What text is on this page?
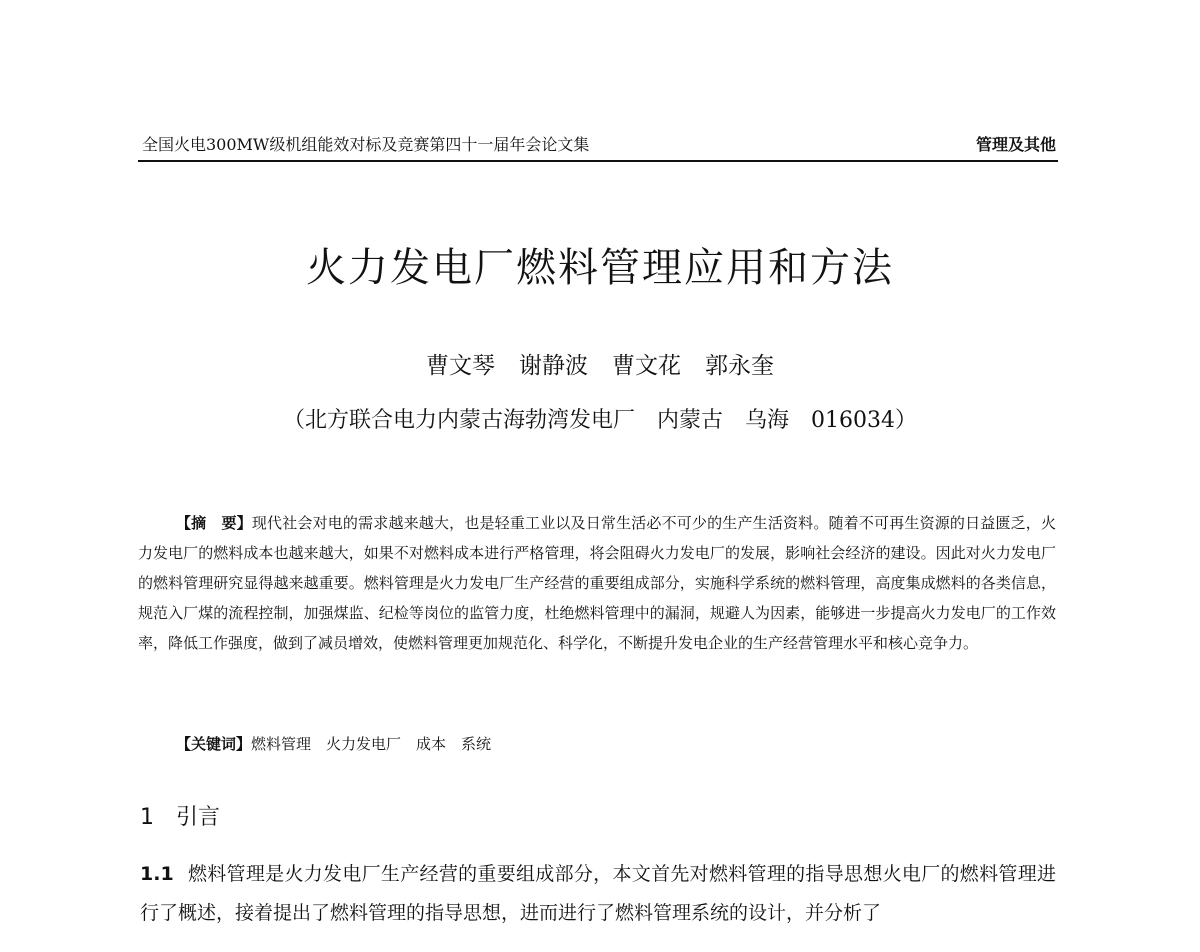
全国火电300MW级机组能效对标及竞赛第四十一届年会论文集	管理及其他
火力发电厂燃料管理应用和方法
曹文琴 谢静波 曹文花 郭永奎
（北方联合电力内蒙古海勃湾发电厂　内蒙古　乌海　016034）

【摘　要】现代社会对电的需求越来越大，也是轻重工业以及日常生活必不可少的生产生活资料。随着不可再生资源的日益匮乏，火力发电厂的燃料成本也越来越大，如果不对燃料成本进行严格管理，将会阻碍火力发电厂的发展，影响社会经济的建设。因此对火力发电厂的燃料管理研究显得越来越重要。燃料管理是火力发电厂生产经营的重要组成部分，实施科学系统的燃料管理，高度集成燃料的各类信息，规范入厂煤的流程控制，加强煤监、纪检等岗位的监管力度，杜绝燃料管理中的漏洞，规避人为因素，能够进一步提高火力发电厂的工作效率，降低工作强度，做到了减员增效，使燃料管理更加规范化、科学化，不断提升发电企业的生产经营管理水平和核心竞争力。

【关键词】燃料管理　火力发电厂　成本　系统
1　引言

1.1 燃料管理是火力发电厂生产经营的重要组成部分，本文首先对燃料管理的指导思想火电厂的燃料管理进行了概述，接着提出了燃料管理的指导思想，进而进行了燃料管理系统的设计，并分析了
